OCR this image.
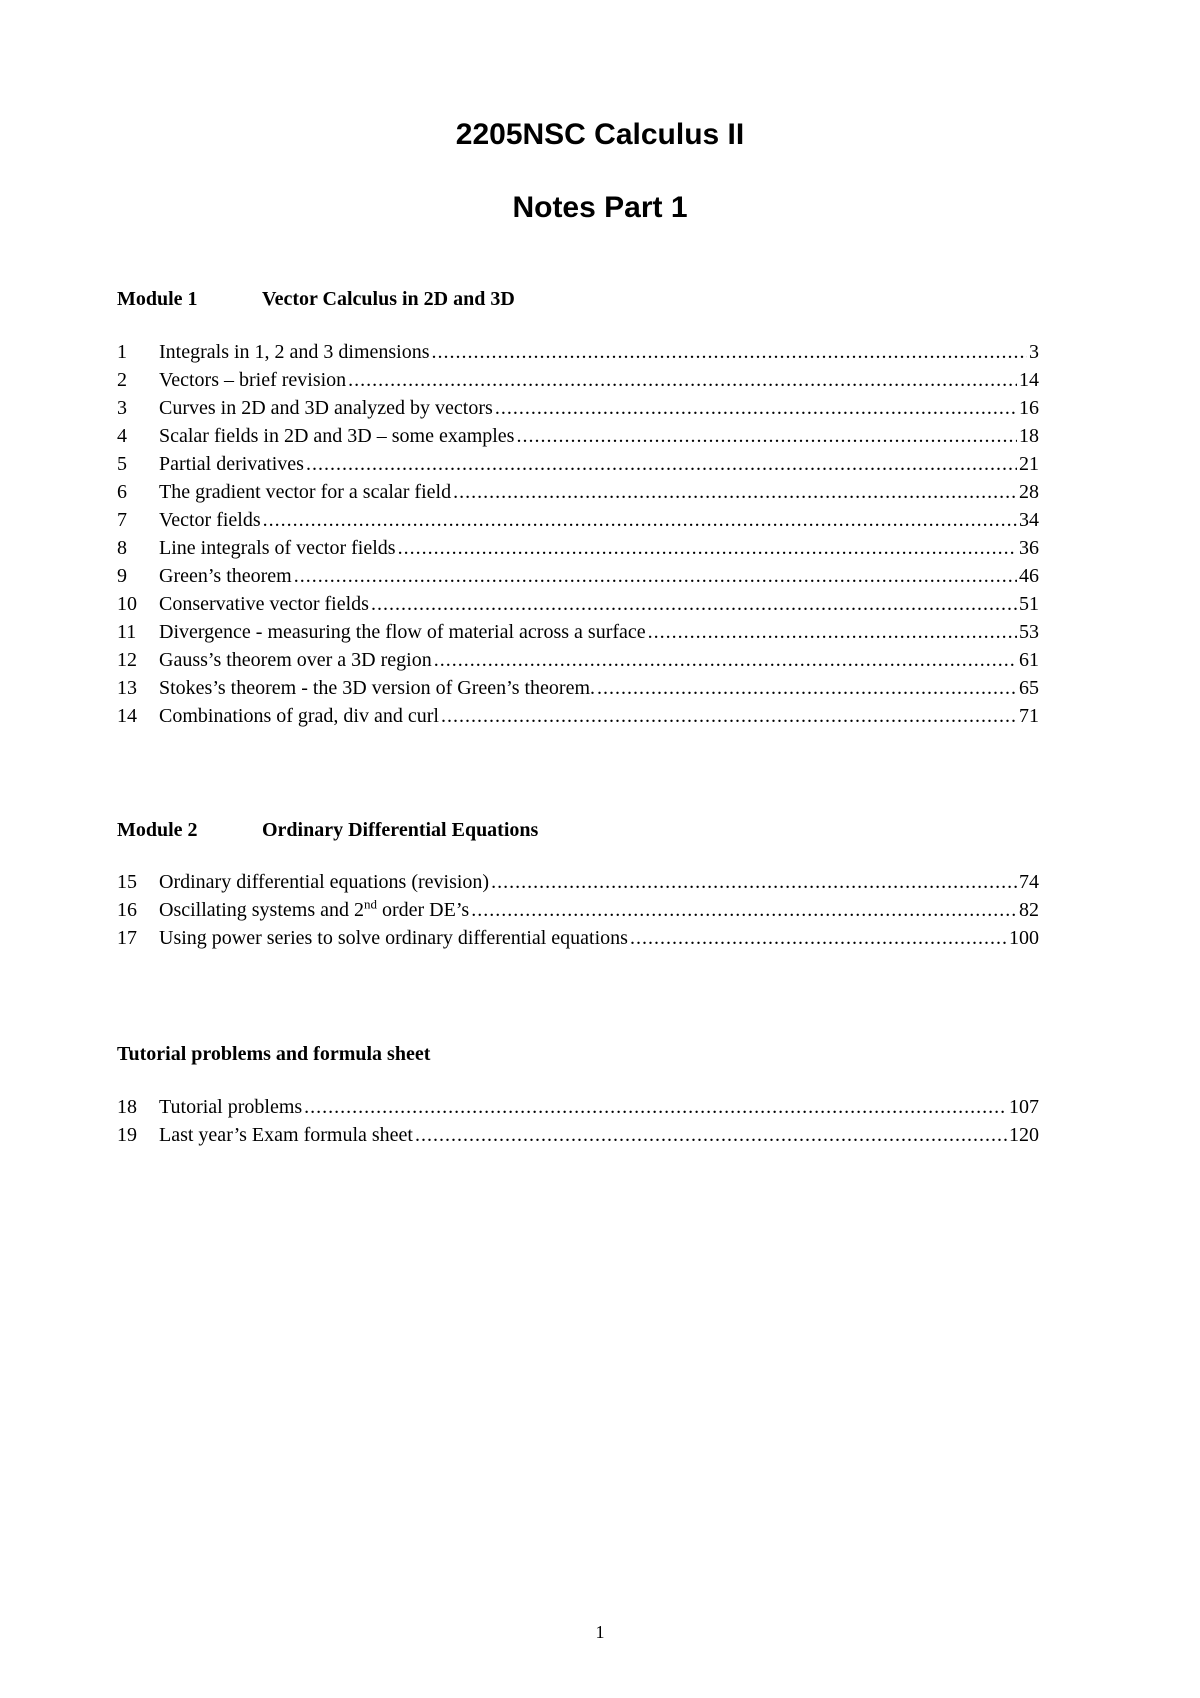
2205NSC Calculus II
Notes Part 1
Module 1	Vector Calculus in 2D and 3D
1	Integrals in 1, 2 and 3 dimensions .....	3
2	Vectors – brief revision .....	14
3	Curves in 2D and 3D analyzed by vectors .....	16
4	Scalar fields in 2D and 3D – some examples .....	18
5	Partial derivatives .....	21
6	The gradient vector for a scalar field .....	28
7	Vector fields .....	34
8	Line integrals of vector fields .....	36
9	Green’s theorem .....	46
10	Conservative vector fields .....	51
11	Divergence - measuring the flow of material across a surface .....	53
12	Gauss’s theorem over a 3D region .....	61
13	Stokes’s theorem - the 3D version of Green’s theorem. .....	65
14	Combinations of grad, div and curl .....	71
Module 2	Ordinary Differential Equations
15	Ordinary differential equations (revision) .....	74
16	Oscillating systems and 2nd order DE’s .....	82
17	Using power series to solve ordinary differential equations .....	100
Tutorial problems and formula sheet
18	Tutorial problems .....	107
19	Last year’s Exam formula sheet .....	120
1
